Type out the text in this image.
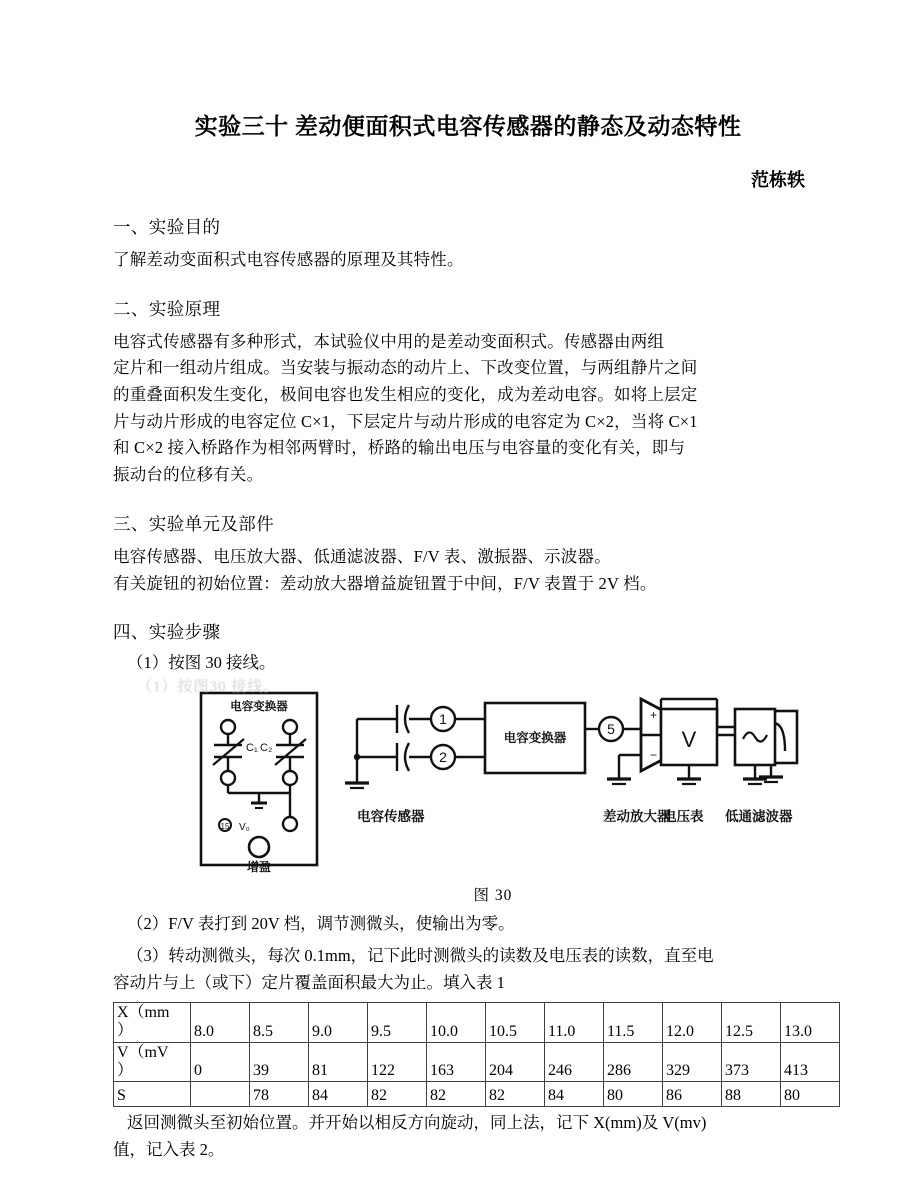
实验三十 差动便面积式电容传感器的静态及动态特性
范栋轶
一、实验目的
了解差动变面积式电容传感器的原理及其特性。
二、实验原理
电容式传感器有多种形式，本试验仪中用的是差动变面积式。传感器由两组
定片和一组动片组成。当安装与振动态的动片上、下改变位置，与两组静片之间
的重叠面积发生变化，极间电容也发生相应的变化，成为差动电容。如将上层定
片与动片形成的电容定位 C×1，下层定片与动片形成的电容定为 C×2，当将 C×1
和 C×2 接入桥路作为相邻两臂时，桥路的输出电压与电容量的变化有关，即与
振动台的位移有关。
三、实验单元及部件
电容传感器、电压放大器、低通滤波器、F/V 表、激振器、示波器。
有关旋钮的初始位置：差动放大器增益旋钮置于中间，F/V 表置于 2V 档。
四、实验步骤
（1）按图 30 接线。
（1）按图30 接线。
电容变换器
C₁ C₂
15 V₀
增盈
1
2
5
电容变换器
+
−
电容传感器	差动放大器	低通滤波器
V
电压表
图 30
（2）F/V 表打到 20V 档，调节测微头，使输出为零。
（3）转动测微头，每次 0.1mm，记下此时测微头的读数及电压表的读数，直至电
容动片与上（或下）定片覆盖面积最大为止。填入表 1
X（mm
）	8.0	8.5	9.0	9.5	10.0	10.5	11.0	11.5	12.0	12.5	13.0
V（mV
）	0	39	81	122	163	204	246	286	329	373	413
S		78	84	82	82	82	84	80	86	88	80
返回测微头至初始位置。并开始以相反方向旋动，同上法，记下 X(mm)及 V(mv)
值，记入表 2。
